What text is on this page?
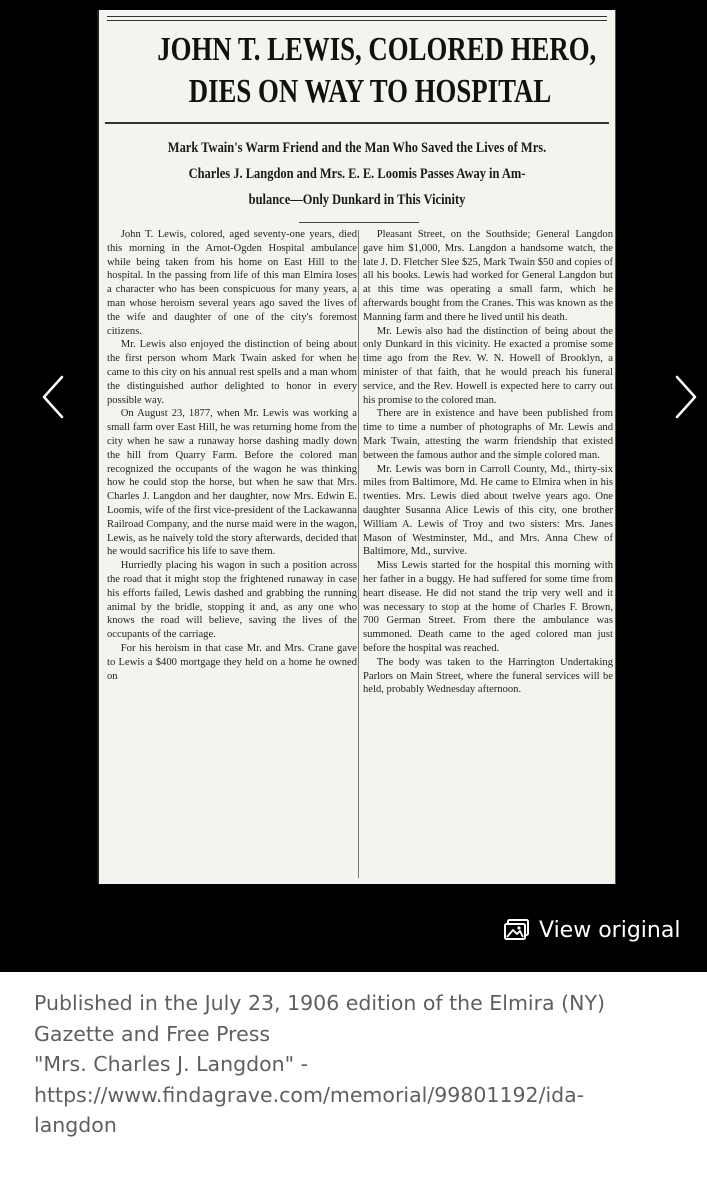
JOHN T. LEWIS, COLORED HERO,
DIES ON WAY TO HOSPITAL
Mark Twain's Warm Friend and the Man Who Saved the Lives of Mrs.
Charles J. Langdon and Mrs. E. E. Loomis Passes Away in Am-
bulance—Only Dunkard in This Vicinity

John T. Lewis, colored, aged seventy-one years, died this morning in the Arnot-Ogden Hospital ambulance while being taken from his home on East Hill to the hospital. In the passing from life of this man Elmira loses a character who has been conspicuous for many years, a man whose heroism several years ago saved the lives of the wife and daughter of one of the city's foremost citizens.

Mr. Lewis also enjoyed the distinction of being about the first person whom Mark Twain asked for when he came to this city on his annual rest spells and a man whom the distinguished author delighted to honor in every possible way.

On August 23, 1877, when Mr. Lewis was working a small farm over East Hill, he was returning home from the city when he saw a runaway horse dashing madly down the hill from Quarry Farm. Before the colored man recognized the occupants of the wagon he was thinking how he could stop the horse, but when he saw that Mrs. Charles J. Langdon and her daughter, now Mrs. Edwin E. Loomis, wife of the first vice-president of the Lackawanna Railroad Company, and the nurse maid were in the wagon, Lewis, as he naively told the story afterwards, decided that he would sacrifice his life to save them.

Hurriedly placing his wagon in such a position across the road that it might stop the frightened runaway in case his efforts failed, Lewis dashed and grabbing the running animal by the bridle, stopping it and, as any one who knows the road will believe, saving the lives of the occupants of the carriage.

For his heroism in that case Mr. and Mrs. Crane gave to Lewis a $400 mortgage they held on a home he owned on

Pleasant Street, on the Southside; General Langdon gave him $1,000, Mrs. Langdon a handsome watch, the late J. D. Fletcher Slee $25, Mark Twain $50 and copies of all his books. Lewis had worked for General Langdon but at this time was operating a small farm, which he afterwards bought from the Cranes. This was known as the Manning farm and there he lived until his death.

Mr. Lewis also had the distinction of being about the only Dunkard in this vicinity. He exacted a promise some time ago from the Rev. W. N. Howell of Brooklyn, a minister of that faith, that he would preach his funeral service, and the Rev. Howell is expected here to carry out his promise to the colored man.

There are in existence and have been published from time to time a number of photographs of Mr. Lewis and Mark Twain, attesting the warm friendship that existed between the famous author and the simple colored man.

Mr. Lewis was born in Carroll County, Md., thirty-six miles from Baltimore, Md. He came to Elmira when in his twenties. Mrs. Lewis died about twelve years ago. One daughter Susanna Alice Lewis of this city, one brother William A. Lewis of Troy and two sisters: Mrs. Janes Mason of Westminster, Md., and Mrs. Anna Chew of Baltimore, Md., survive.

Miss Lewis started for the hospital this morning with her father in a buggy. He had suffered for some time from heart disease. He did not stand the trip very well and it was necessary to stop at the home of Charles F. Brown, 700 German Street. From there the ambulance was summoned. Death came to the aged colored man just before the hospital was reached.

The body was taken to the Harrington Undertaking Parlors on Main Street, where the funeral services will be held, probably Wednesday afternoon.

View original
Published in the July 23, 1906 edition of the Elmira (NY)
Gazette and Free Press
"Mrs. Charles J. Langdon" -
https://www.findagrave.com/memorial/99801192/ida-
langdon
